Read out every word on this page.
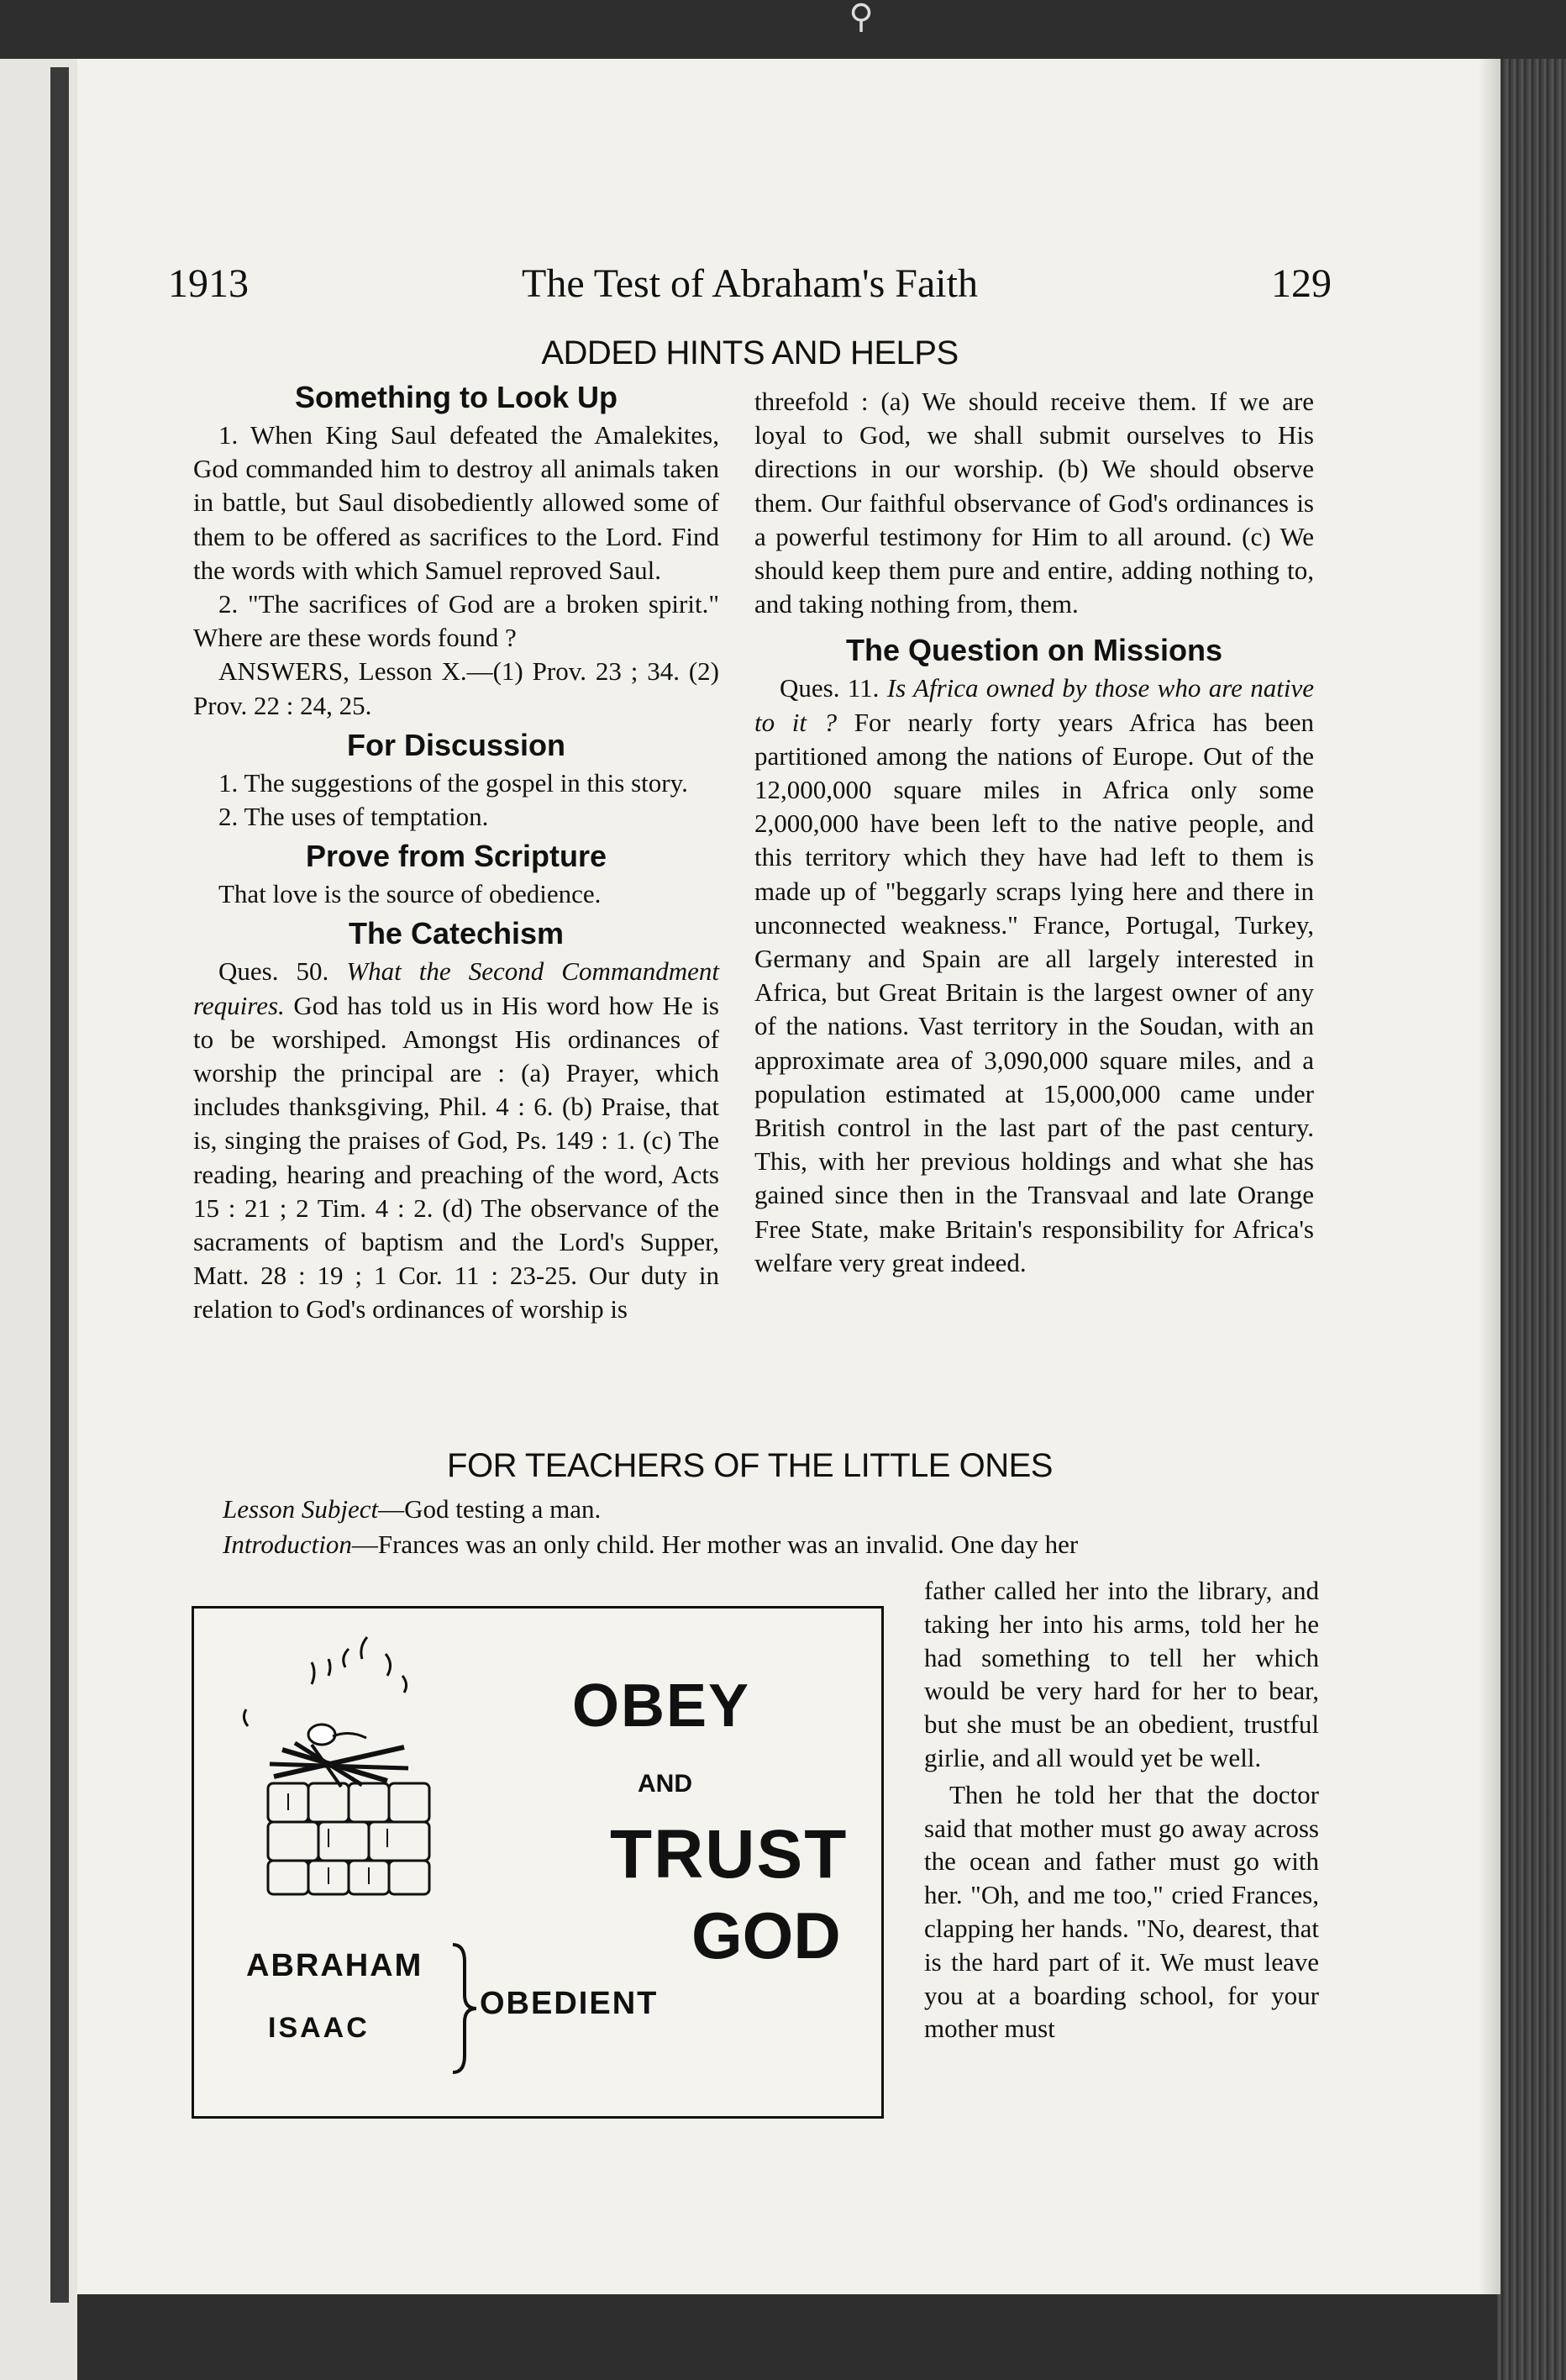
⚲
1913	The Test of Abraham's Faith	129
ADDED HINTS AND HELPS
Something to Look Up

1. When King Saul defeated the Amalekites, God commanded him to destroy all animals taken in battle, but Saul disobediently allowed some of them to be offered as sacrifices to the Lord. Find the words with which Samuel reproved Saul.

2. "The sacrifices of God are a broken spirit." Where are these words found ?

ANSWERS, Lesson X.—(1) Prov. 23 ; 34. (2) Prov. 22 : 24, 25.

For Discussion

1. The suggestions of the gospel in this story.

2. The uses of temptation.

Prove from Scripture

That love is the source of obedience.

The Catechism

Ques. 50. What the Second Commandment requires. God has told us in His word how He is to be worshiped. Amongst His ordinances of worship the principal are : (a) Prayer, which includes thanksgiving, Phil. 4 : 6. (b) Praise, that is, singing the praises of God, Ps. 149 : 1. (c) The reading, hearing and preaching of the word, Acts 15 : 21 ; 2 Tim. 4 : 2. (d) The observance of the sacraments of baptism and the Lord's Supper, Matt. 28 : 19 ; 1 Cor. 11 : 23-25. Our duty in relation to God's ordinances of worship is

threefold : (a) We should receive them. If we are loyal to God, we shall submit ourselves to His directions in our worship. (b) We should observe them. Our faithful observance of God's ordinances is a powerful testimony for Him to all around. (c) We should keep them pure and entire, adding nothing to, and taking nothing from, them.

The Question on Missions

Ques. 11. Is Africa owned by those who are native to it ? For nearly forty years Africa has been partitioned among the nations of Europe. Out of the 12,000,000 square miles in Africa only some 2,000,000 have been left to the native people, and this territory which they have had left to them is made up of "beggarly scraps lying here and there in unconnected weakness." France, Portugal, Turkey, Germany and Spain are all largely interested in Africa, but Great Britain is the largest owner of any of the nations. Vast territory in the Soudan, with an approximate area of 3,090,000 square miles, and a population estimated at 15,000,000 came under British control in the last part of the past century. This, with her previous holdings and what she has gained since then in the Transvaal and late Orange Free State, make Britain's responsibility for Africa's welfare very great indeed.

FOR TEACHERS OF THE LITTLE ONES
Lesson Subject—God testing a man.
Introduction—Frances was an only child. Her mother was an invalid. One day her
OBEY
AND
TRUST
GOD
ABRAHAM
ISAAC
OBEDIENT

father called her into the library, and taking her into his arms, told her he had something to tell her which would be very hard for her to bear, but she must be an obedient, trustful girlie, and all would yet be well.

Then he told her that the doctor said that mother must go away across the ocean and father must go with her. "Oh, and me too," cried Frances, clapping her hands. "No, dearest, that is the hard part of it. We must leave you at a boarding school, for your mother must
